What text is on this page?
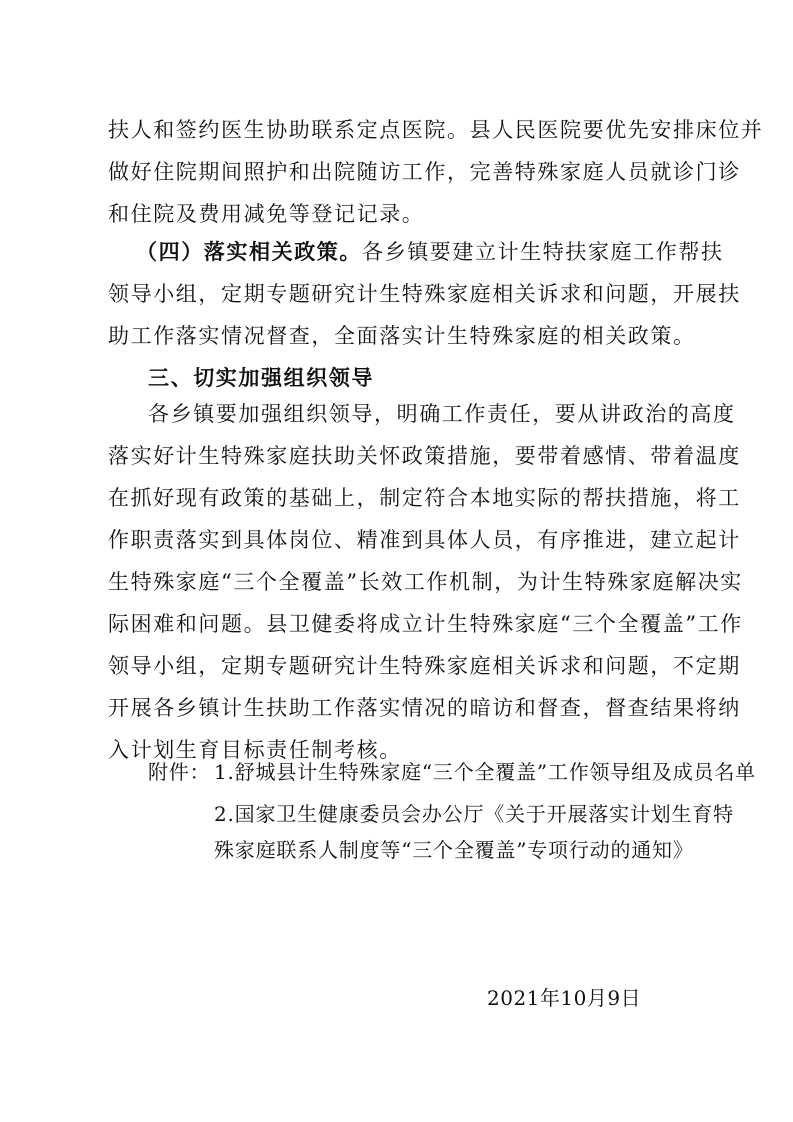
扶人和签约医生协助联系定点医院。县人民医院要优先安排床位并
做好住院期间照护和出院随访工作，完善特殊家庭人员就诊门诊
和住院及费用减免等登记记录。
（四）落实相关政策。各乡镇要建立计生特扶家庭工作帮扶
领导小组，定期专题研究计生特殊家庭相关诉求和问题，开展扶
助工作落实情况督查，全面落实计生特殊家庭的相关政策。
三、切实加强组织领导
各乡镇要加强组织领导，明确工作责任，要从讲政治的高度
落实好计生特殊家庭扶助关怀政策措施，要带着感情、带着温度
在抓好现有政策的基础上，制定符合本地实际的帮扶措施，将工
作职责落实到具体岗位、精准到具体人员，有序推进，建立起计
生特殊家庭“三个全覆盖”长效工作机制，为计生特殊家庭解决实
际困难和问题。县卫健委将成立计生特殊家庭“三个全覆盖”工作
领导小组，定期专题研究计生特殊家庭相关诉求和问题，不定期
开展各乡镇计生扶助工作落实情况的暗访和督查，督查结果将纳
入计划生育目标责任制考核。
附件： 1.舒城县计生特殊家庭“三个全覆盖”工作领导组及成员名单
2.国家卫生健康委员会办公厅《关于开展落实计划生育特
殊家庭联系人制度等“三个全覆盖”专项行动的通知》
2021年10月9日
